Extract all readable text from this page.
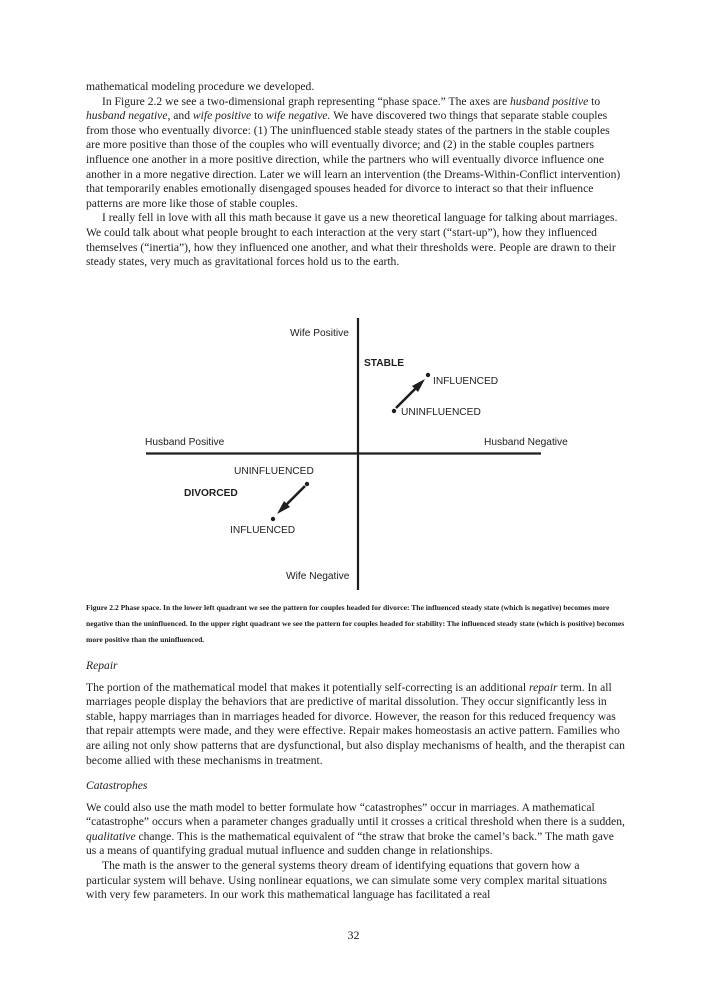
mathematical modeling procedure we developed.

In Figure 2.2 we see a two-dimensional graph representing “phase space.” The axes are husband positive to husband negative, and wife positive to wife negative. We have discovered two things that separate stable couples from those who eventually divorce: (1) The uninfluenced stable steady states of the partners in the stable couples are more positive than those of the couples who will eventually divorce; and (2) in the stable couples partners influence one another in a more positive direction, while the partners who will eventually divorce influence one another in a more negative direction. Later we will learn an intervention (the Dreams-Within-Conflict intervention) that temporarily enables emotionally disengaged spouses headed for divorce to interact so that their influence patterns are more like those of stable couples.

I really fell in love with all this math because it gave us a new theoretical language for talking about marriages. We could talk about what people brought to each interaction at the very start (“start-up”), how they influenced themselves (“inertia”), how they influenced one another, and what their thresholds were. People are drawn to their steady states, very much as gravitational forces hold us to the earth.

Wife Positive
Wife Negative
Husband Positive	Husband Negative
STABLE
INFLUENCED
UNINFLUENCED
UNINFLUENCED
DIVORCED
INFLUENCED
Figure 2.2 Phase space. In the lower left quadrant we see the pattern for couples headed for divorce: The influenced steady state (which is negative) becomes more negative than the uninfluenced. In the upper right quadrant we see the pattern for couples headed for stability: The influenced steady state (which is positive) becomes more positive than the uninfluenced.

Repair

The portion of the mathematical model that makes it potentially self-correcting is an additional repair term. In all marriages people display the behaviors that are predictive of marital dissolution. They occur significantly less in stable, happy marriages than in marriages headed for divorce. However, the reason for this reduced frequency was that repair attempts were made, and they were effective. Repair makes homeostasis an active pattern. Families who are ailing not only show patterns that are dysfunctional, but also display mechanisms of health, and the therapist can become allied with these mechanisms in treatment.

Catastrophes

We could also use the math model to better formulate how “catastrophes” occur in marriages. A mathematical “catastrophe” occurs when a parameter changes gradually until it crosses a critical threshold when there is a sudden, qualitative change. This is the mathematical equivalent of “the straw that broke the camel’s back.” The math gave us a means of quantifying gradual mutual influence and sudden change in relationships.

The math is the answer to the general systems theory dream of identifying equations that govern how a particular system will behave. Using nonlinear equations, we can simulate some very complex marital situations with very few parameters. In our work this mathematical language has facilitated a real

32
